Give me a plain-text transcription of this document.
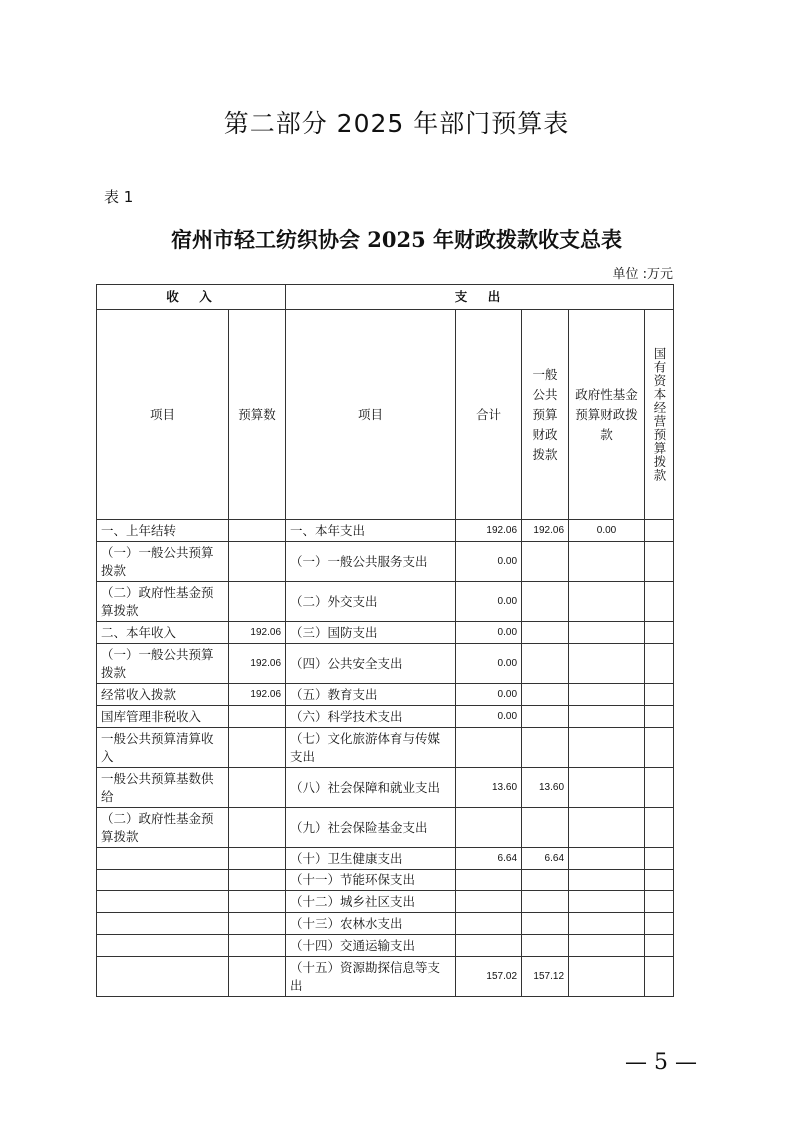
第二部分 2025 年部门预算表
表 1
宿州市轻工纺织协会 2025 年财政拨款收支总表
单位 :万元
收　入		支　出				
项目	预算数	项目	合计	一般公共预算财政拨款	政府性基金预算财政拨款	国有资本经营预算拨款

一、上年结转		一、本年支出	192.06	192.06	0.00	
（一）一般公共预算拨款		（一）一般公共服务支出	0.00			
（二）政府性基金预算拨款		（二）外交支出	0.00			
二、本年收入	192.06	（三）国防支出	0.00			
（一）一般公共预算拨款	192.06	（四）公共安全支出	0.00			
经常收入拨款	192.06	（五）教育支出	0.00			
国库管理非税收入		（六）科学技术支出	0.00			
一般公共预算清算收入		（七）文化旅游体育与传媒支出				
一般公共预算基数供给		（八）社会保障和就业支出	13.60	13.60		
（二）政府性基金预算拨款		（九）社会保险基金支出				
		（十）卫生健康支出	6.64	6.64		
		（十一）节能环保支出				
		（十二）城乡社区支出				
		（十三）农林水支出				
		（十四）交通运输支出				
		（十五）资源勘探信息等支出	157.02	157.12		
— 5 —
